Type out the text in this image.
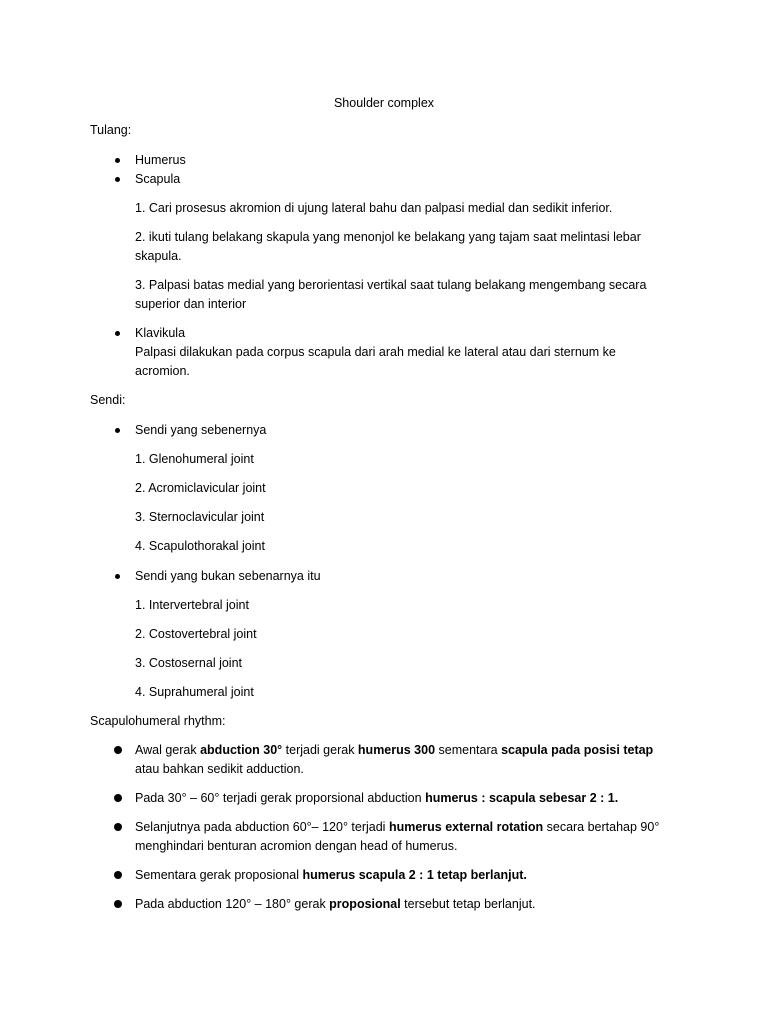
Shoulder complex
Tulang:
Humerus
Scapula
1. Cari prosesus akromion di ujung lateral bahu dan palpasi medial dan sedikit inferior.
2. ikuti tulang belakang skapula yang menonjol ke belakang yang tajam saat melintasi lebar skapula.
3. Palpasi batas medial yang berorientasi vertikal saat tulang belakang mengembang secara superior dan interior
Klavikula
Palpasi dilakukan pada corpus scapula dari arah medial ke lateral atau dari sternum ke acromion.
Sendi:
Sendi yang sebenernya
1. Glenohumeral joint
2. Acromiclavicular joint
3. Sternoclavicular joint
4. Scapulothorakal joint
Sendi yang bukan sebenarnya itu
1. Intervertebral joint
2. Costovertebral joint
3. Costosernal joint
4. Suprahumeral joint
Scapulohumeral rhythm:
Awal gerak abduction 30° terjadi gerak humerus 300 sementara scapula pada posisi tetap atau bahkan sedikit adduction.
Pada 30° – 60° terjadi gerak proporsional abduction humerus : scapula sebesar 2 : 1.
Selanjutnya pada abduction 60°– 120° terjadi humerus external rotation secara bertahap 90° menghindari benturan acromion dengan head of humerus.
Sementara gerak proposional humerus scapula 2 : 1 tetap berlanjut.
Pada abduction 120° – 180° gerak proposional tersebut tetap berlanjut.
